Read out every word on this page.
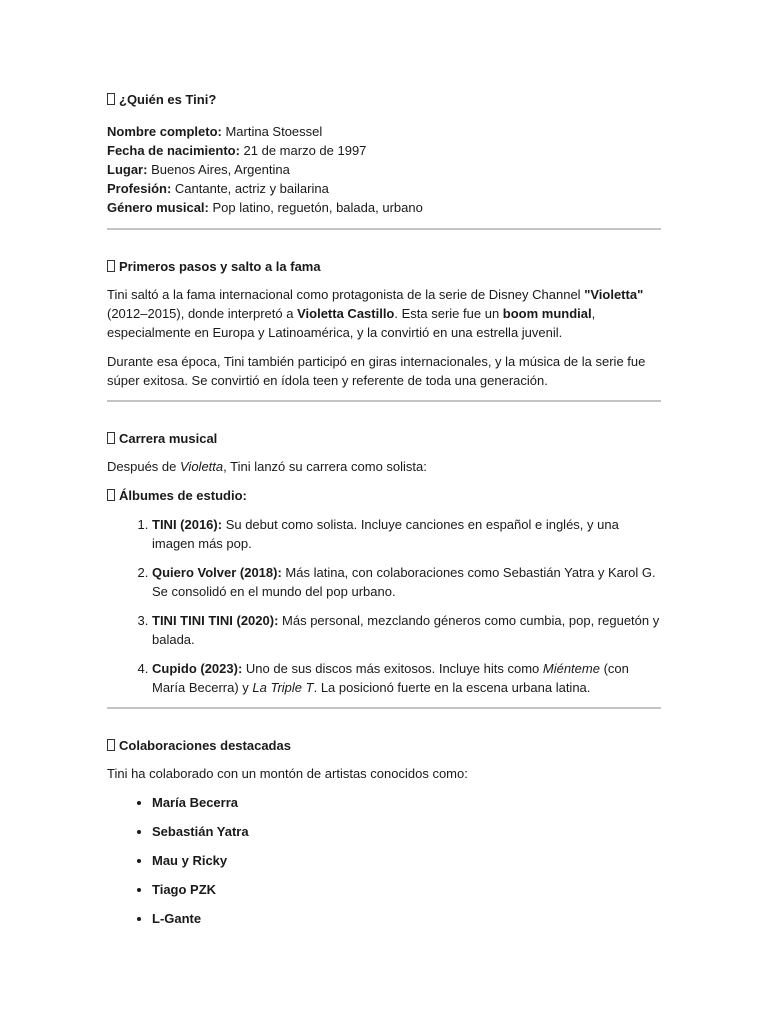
¿Quién es Tini?

Nombre completo: Martina Stoessel

Fecha de nacimiento: 21 de marzo de 1997

Lugar: Buenos Aires, Argentina

Profesión: Cantante, actriz y bailarina

Género musical: Pop latino, reguetón, balada, urbano

Primeros pasos y salto a la fama

Tini saltó a la fama internacional como protagonista de la serie de Disney Channel "Violetta" (2012–2015), donde interpretó a Violetta Castillo. Esta serie fue un boom mundial, especialmente en Europa y Latinoamérica, y la convirtió en una estrella juvenil.

Durante esa época, Tini también participó en giras internacionales, y la música de la serie fue súper exitosa. Se convirtió en ídola teen y referente de toda una generación.

Carrera musical

Después de Violetta, Tini lanzó su carrera como solista:

Álbumes de estudio:
1. TINI (2016): Su debut como solista. Incluye canciones en español e inglés, y una imagen más pop.
2. Quiero Volver (2018): Más latina, con colaboraciones como Sebastián Yatra y Karol G. Se consolidó en el mundo del pop urbano.
3. TINI TINI TINI (2020): Más personal, mezclando géneros como cumbia, pop, reguetón y balada.
4. Cupido (2023): Uno de sus discos más exitosos. Incluye hits como Miénteme (con María Becerra) y La Triple T. La posicionó fuerte en la escena urbana latina.
Colaboraciones destacadas

Tini ha colaborado con un montón de artistas conocidos como:

• María Becerra
• Sebastián Yatra
• Mau y Ricky
• Tiago PZK
• L-Gante
